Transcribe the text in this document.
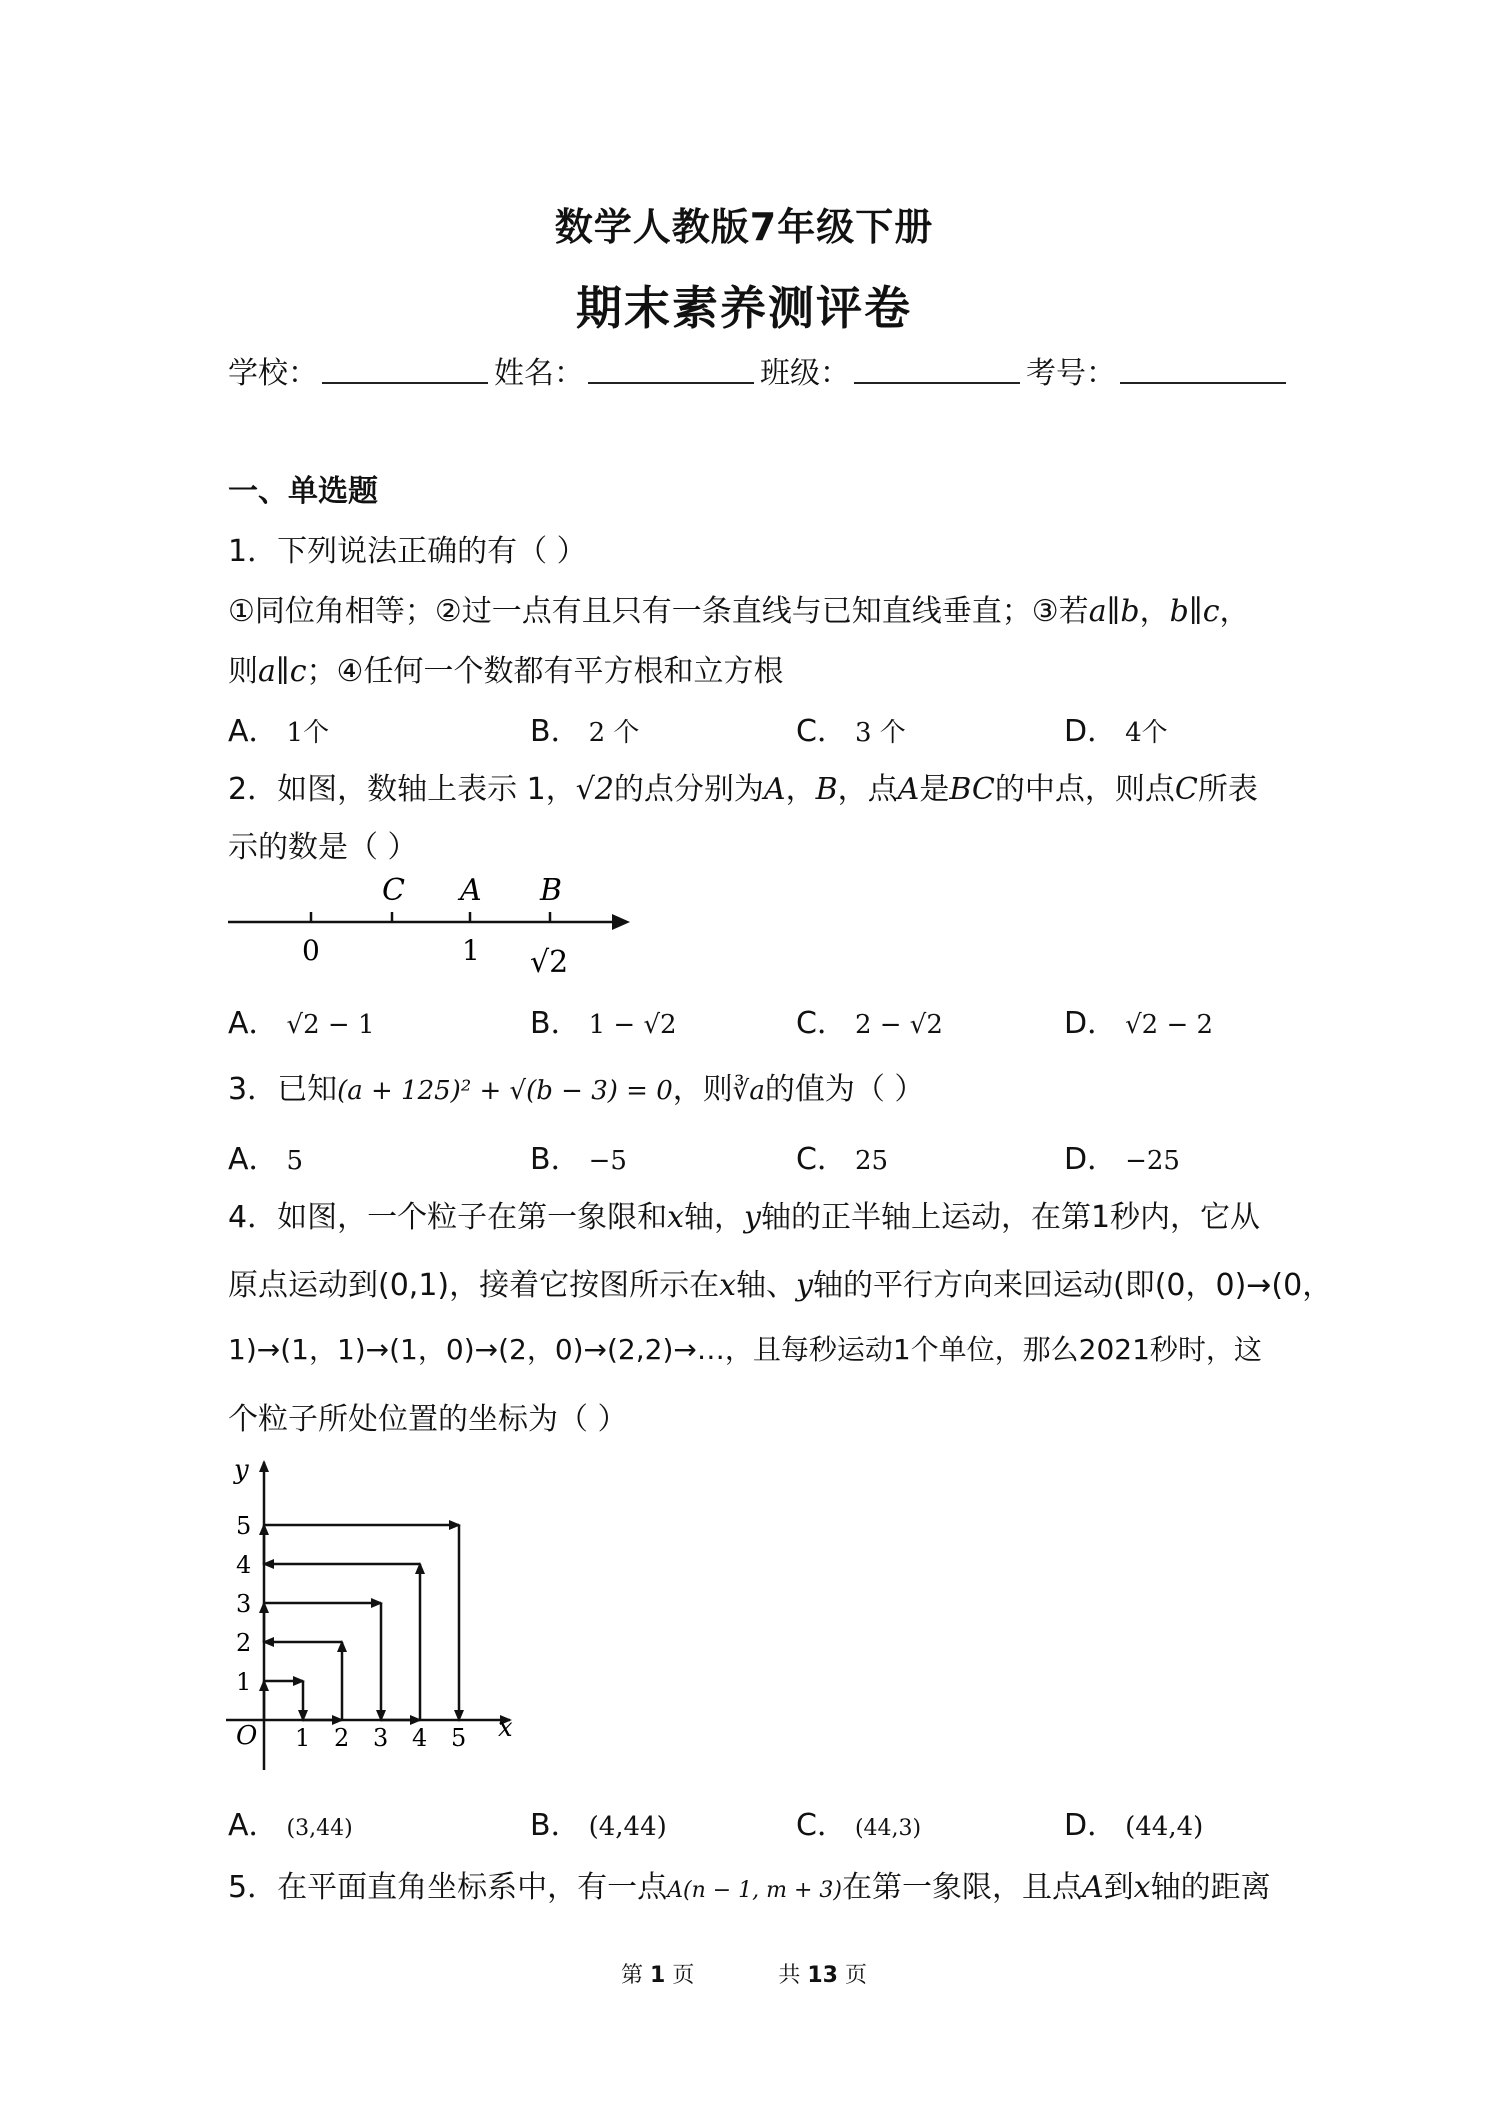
数学人教版7年级下册
期末素养测评卷
学校：	姓名：	班级：	考号：
一、单选题
1．下列说法正确的有（ ）
①同位角相等；②过一点有且只有一条直线与已知直线垂直；③若a∥b，b∥c，
则a∥c；④任何一个数都有平方根和立方根
A． 1个	B． 2 个	C． 3 个	D． 4个
2．如图，数轴上表示 1，√2的点分别为A，B，点A是BC的中点，则点C所表
示的数是（ ）
C A B
0	1 √2
A． √2 − 1	B． 1 − √2	C． 2 − √2	D． √2 − 2
3．已知(a + 125)² + √(b − 3) = 0，则∛a的值为（ ）
A． 5	B． −5	C． 25	D． −25
4．如图，一个粒子在第一象限和x轴，y轴的正半轴上运动，在第1秒内，它从
原点运动到(0,1)，接着它按图所示在x轴、y轴的平行方向来回运动(即(0，0)→(0，
1)→(1，1)→(1，0)→(2，0)→(2,2)→…，且每秒运动1个单位，那么2021秒时，这
个粒子所处位置的坐标为（ ）
y
x
O 1 2 3 4 5
1
2
3
4
5
A． (3,44)	B． (4,44)	C． (44,3)	D． (44,4)
5．在平面直角坐标系中，有一点A(n − 1, m + 3)在第一象限，且点A到x轴的距离
第 1 页	共 13 页
